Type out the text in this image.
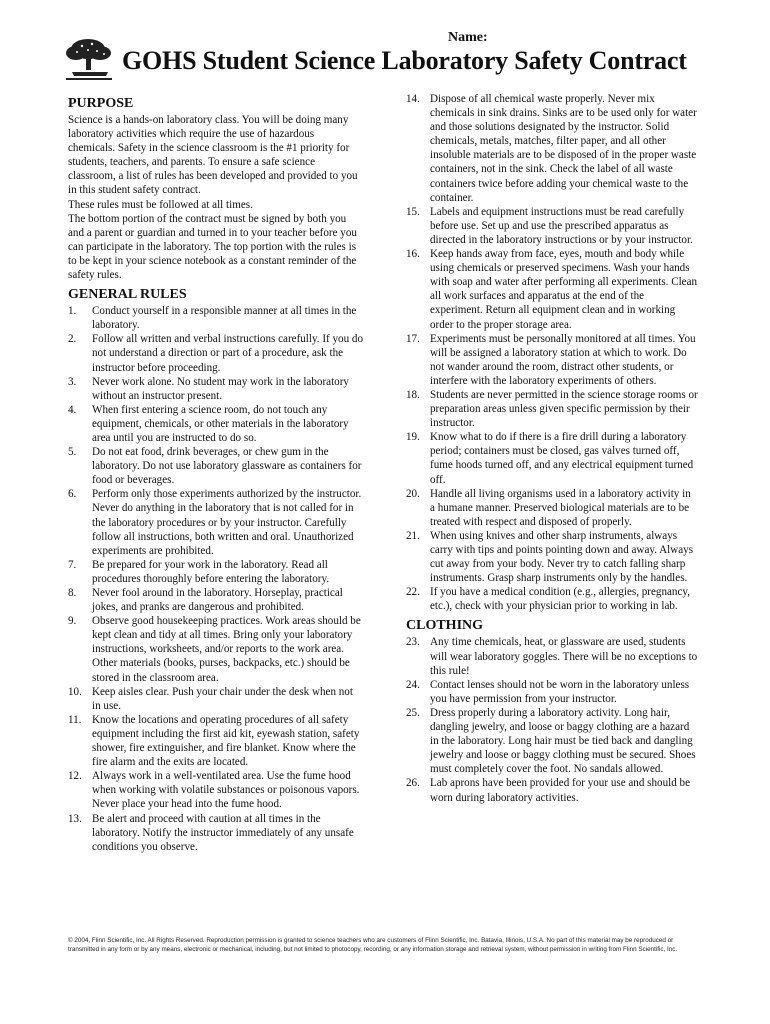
Name:
GOHS Student Science Laboratory Safety Contract
PURPOSE

Science is a hands-on laboratory class. You will be doing many laboratory activities which require the use of hazardous chemicals. Safety in the science classroom is the #1 priority for students, teachers, and parents. To ensure a safe science classroom, a list of rules has been developed and provided to you in this student safety contract.

These rules must be followed at all times.

The bottom portion of the contract must be signed by both you and a parent or guardian and turned in to your teacher before you can participate in the laboratory. The top portion with the rules is to be kept in your science notebook as a constant reminder of the safety rules.

GENERAL RULES
1. Conduct yourself in a responsible manner at all times in the laboratory.
2. Follow all written and verbal instructions carefully. If you do not understand a direction or part of a procedure, ask the instructor before proceeding.
3. Never work alone. No student may work in the laboratory without an instructor present.
4. When first entering a science room, do not touch any equipment, chemicals, or other materials in the laboratory area until you are instructed to do so.
5. Do not eat food, drink beverages, or chew gum in the laboratory. Do not use laboratory glassware as containers for food or beverages.
6. Perform only those experiments authorized by the instructor. Never do anything in the laboratory that is not called for in the laboratory procedures or by your instructor. Carefully follow all instructions, both written and oral. Unauthorized experiments are prohibited.
7. Be prepared for your work in the laboratory. Read all procedures thoroughly before entering the laboratory.
8. Never fool around in the laboratory. Horseplay, practical jokes, and pranks are dangerous and prohibited.
9. Observe good housekeeping practices. Work areas should be kept clean and tidy at all times. Bring only your laboratory instructions, worksheets, and/or reports to the work area. Other materials (books, purses, backpacks, etc.) should be stored in the classroom area.
10. Keep aisles clear. Push your chair under the desk when not in use.
11. Know the locations and operating procedures of all safety equipment including the first aid kit, eyewash station, safety shower, fire extinguisher, and fire blanket. Know where the fire alarm and the exits are located.
12. Always work in a well-ventilated area. Use the fume hood when working with volatile substances or poisonous vapors. Never place your head into the fume hood.
13. Be alert and proceed with caution at all times in the laboratory. Notify the instructor immediately of any unsafe conditions you observe.
14. Dispose of all chemical waste properly. Never mix chemicals in sink drains. Sinks are to be used only for water and those solutions designated by the instructor. Solid chemicals, metals, matches, filter paper, and all other insoluble materials are to be disposed of in the proper waste containers, not in the sink. Check the label of all waste containers twice before adding your chemical waste to the container.
15. Labels and equipment instructions must be read carefully before use. Set up and use the prescribed apparatus as directed in the laboratory instructions or by your instructor.
16. Keep hands away from face, eyes, mouth and body while using chemicals or preserved specimens. Wash your hands with soap and water after performing all experiments. Clean all work surfaces and apparatus at the end of the experiment. Return all equipment clean and in working order to the proper storage area.
17. Experiments must be personally monitored at all times. You will be assigned a laboratory station at which to work. Do not wander around the room, distract other students, or interfere with the laboratory experiments of others.
18. Students are never permitted in the science storage rooms or preparation areas unless given specific permission by their instructor.
19. Know what to do if there is a fire drill during a laboratory period; containers must be closed, gas valves turned off, fume hoods turned off, and any electrical equipment turned off.
20. Handle all living organisms used in a laboratory activity in a humane manner. Preserved biological materials are to be treated with respect and disposed of properly.
21. When using knives and other sharp instruments, always carry with tips and points pointing down and away. Always cut away from your body. Never try to catch falling sharp instruments. Grasp sharp instruments only by the handles.
22. If you have a medical condition (e.g., allergies, pregnancy, etc.), check with your physician prior to working in lab.
CLOTHING
23. Any time chemicals, heat, or glassware are used, students will wear laboratory goggles. There will be no exceptions to this rule!
24. Contact lenses should not be worn in the laboratory unless you have permission from your instructor.
25. Dress properly during a laboratory activity. Long hair, dangling jewelry, and loose or baggy clothing are a hazard in the laboratory. Long hair must be tied back and dangling jewelry and loose or baggy clothing must be secured. Shoes must completely cover the foot. No sandals allowed.
26. Lab aprons have been provided for your use and should be worn during laboratory activities.
© 2004, Flinn Scientific, Inc. All Rights Reserved. Reproduction permission is granted to science teachers who are customers of Flinn Scientific, Inc. Batavia, Illinois, U.S.A. No part of this material may be reproduced or transmitted in any form or by any means, electronic or mechanical, including, but not limited to photocopy, recording, or any information storage and retrieval system, without permission in writing from Flinn Scientific, Inc.
